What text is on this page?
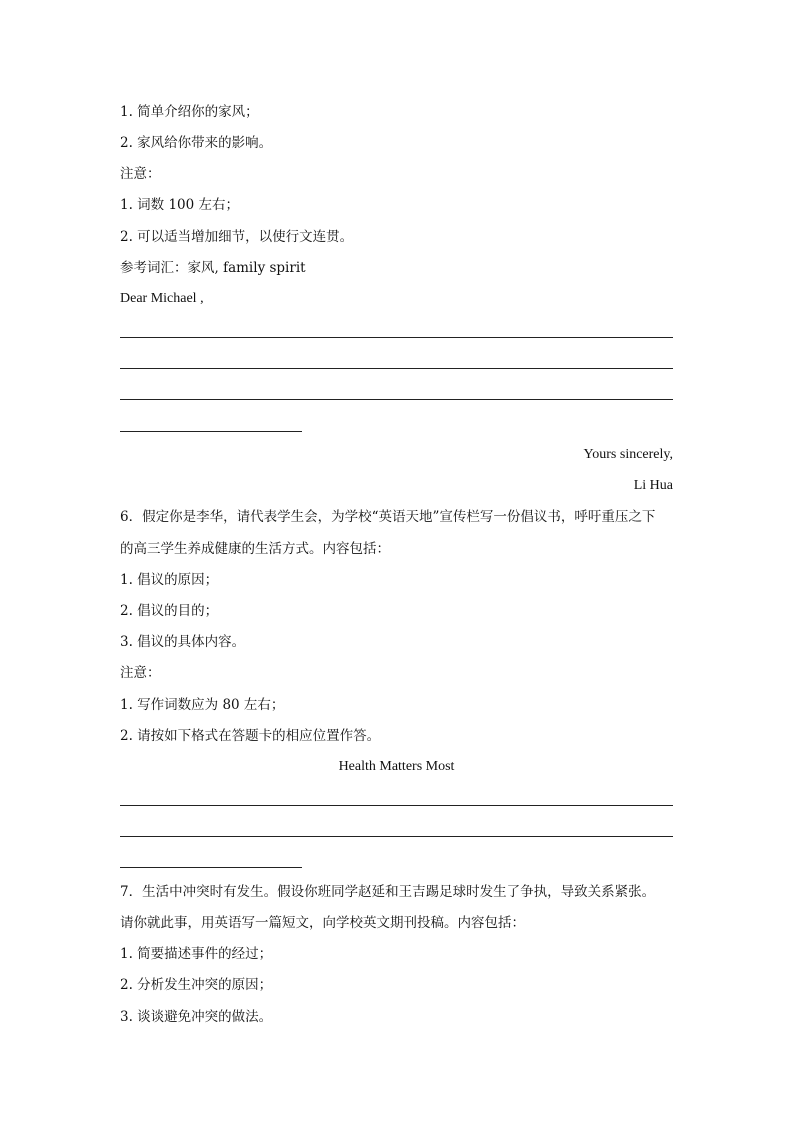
1. 简单介绍你的家风；

2. 家风给你带来的影响。

注意：

1. 词数 100 左右；

2. 可以适当增加细节，以使行文连贯。

参考词汇：家风, family spirit

Dear Michael ,

Yours sincerely,

Li Hua

6．假定你是李华，请代表学生会，为学校“英语天地”宣传栏写一份倡议书，呼吁重压之下

的高三学生养成健康的生活方式。内容包括：

1. 倡议的原因；

2. 倡议的目的；

3. 倡议的具体内容。

注意：

1. 写作词数应为 80 左右；

2. 请按如下格式在答题卡的相应位置作答。

Health Matters Most

7．生活中冲突时有发生。假设你班同学赵延和王吉踢足球时发生了争执，导致关系紧张。

请你就此事，用英语写一篇短文，向学校英文期刊投稿。内容包括：

1. 简要描述事件的经过；

2. 分析发生冲突的原因；

3. 谈谈避免冲突的做法。
